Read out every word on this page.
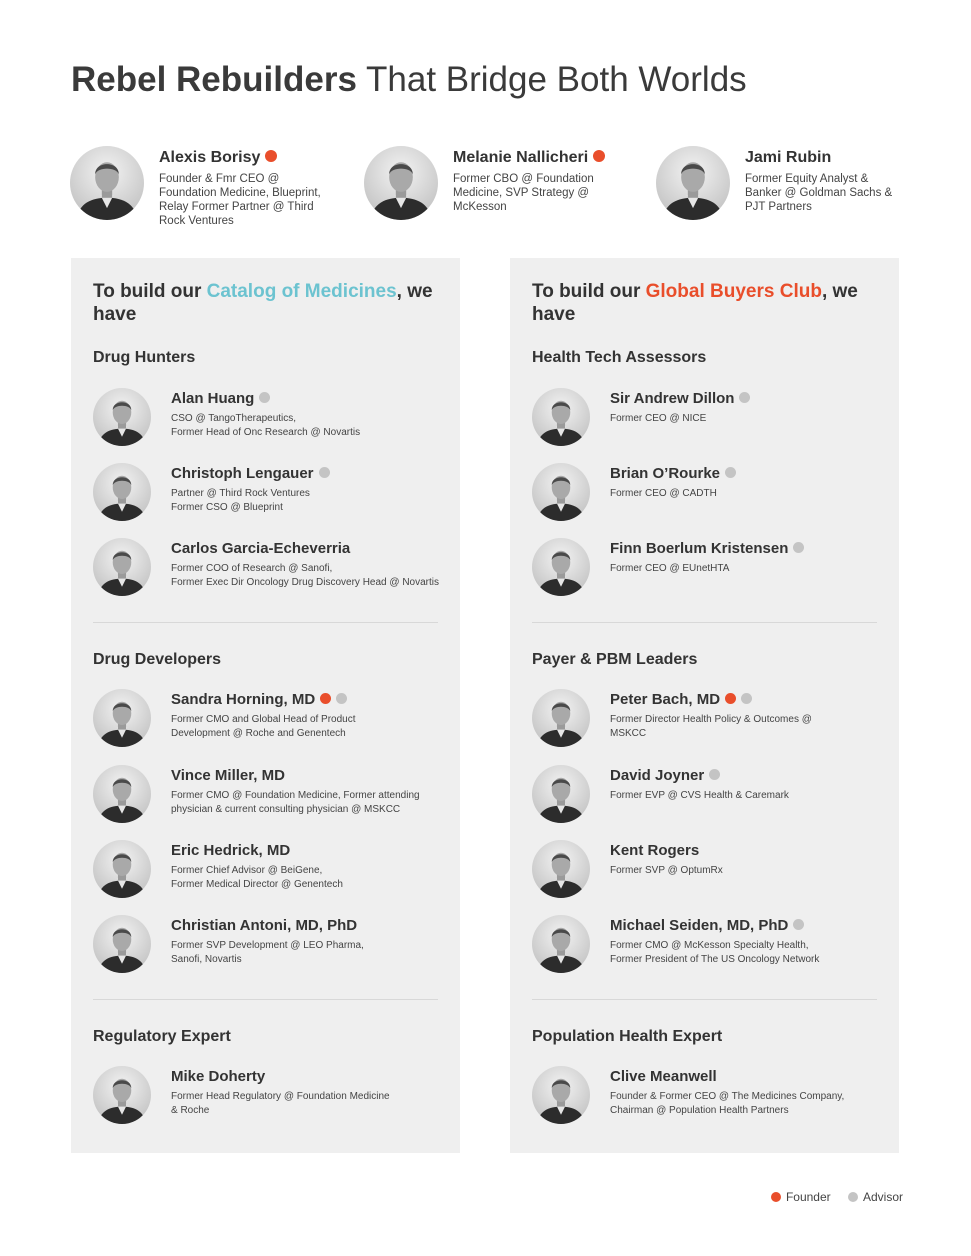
Rebel Rebuilders That Bridge Both Worlds
Alexis Borisy
Founder & Fmr CEO @ Foundation Medicine, Blueprint, Relay Former Partner @ Third Rock Ventures
Melanie Nallicheri
Former CBO @ Foundation Medicine, SVP Strategy @ McKesson
Jami Rubin
Former Equity Analyst & Banker @ Goldman Sachs & PJT Partners
To build our Catalog of Medicines, we have
Drug Hunters
Alan Huang
CSO @ TangoTherapeutics,
Former Head of Onc Research @ Novartis
Christoph Lengauer
Partner @ Third Rock Ventures
Former CSO @ Blueprint
Carlos Garcia-Echeverria
Former COO of Research @ Sanofi,
Former Exec Dir Oncology Drug Discovery Head @ Novartis
Drug Developers
Sandra Horning, MD
Former CMO and Global Head of Product
Development @ Roche and Genentech
Vince Miller, MD
Former CMO @ Foundation Medicine, Former attending
physician & current consulting physician @ MSKCC
Eric Hedrick, MD
Former Chief Advisor @ BeiGene,
Former Medical Director @ Genentech
Christian Antoni, MD, PhD
Former SVP Development @ LEO Pharma,
Sanofi, Novartis
Regulatory Expert
Mike Doherty
Former Head Regulatory @ Foundation Medicine
& Roche
To build our Global Buyers Club, we have
Health Tech Assessors
Sir Andrew Dillon
Former CEO @ NICE
Brian O’Rourke
Former CEO @ CADTH
Finn Boerlum Kristensen
Former CEO @ EUnetHTA
Payer & PBM Leaders
Peter Bach, MD
Former Director Health Policy & Outcomes @
MSKCC
David Joyner
Former EVP @ CVS Health & Caremark
Kent Rogers
Former SVP @ OptumRx
Michael Seiden, MD, PhD
Former CMO @ McKesson Specialty Health,
Former President of The US Oncology Network
Population Health Expert
Clive Meanwell
Founder & Former CEO @ The Medicines Company,
Chairman @ Population Health Partners
Founder	Advisor
